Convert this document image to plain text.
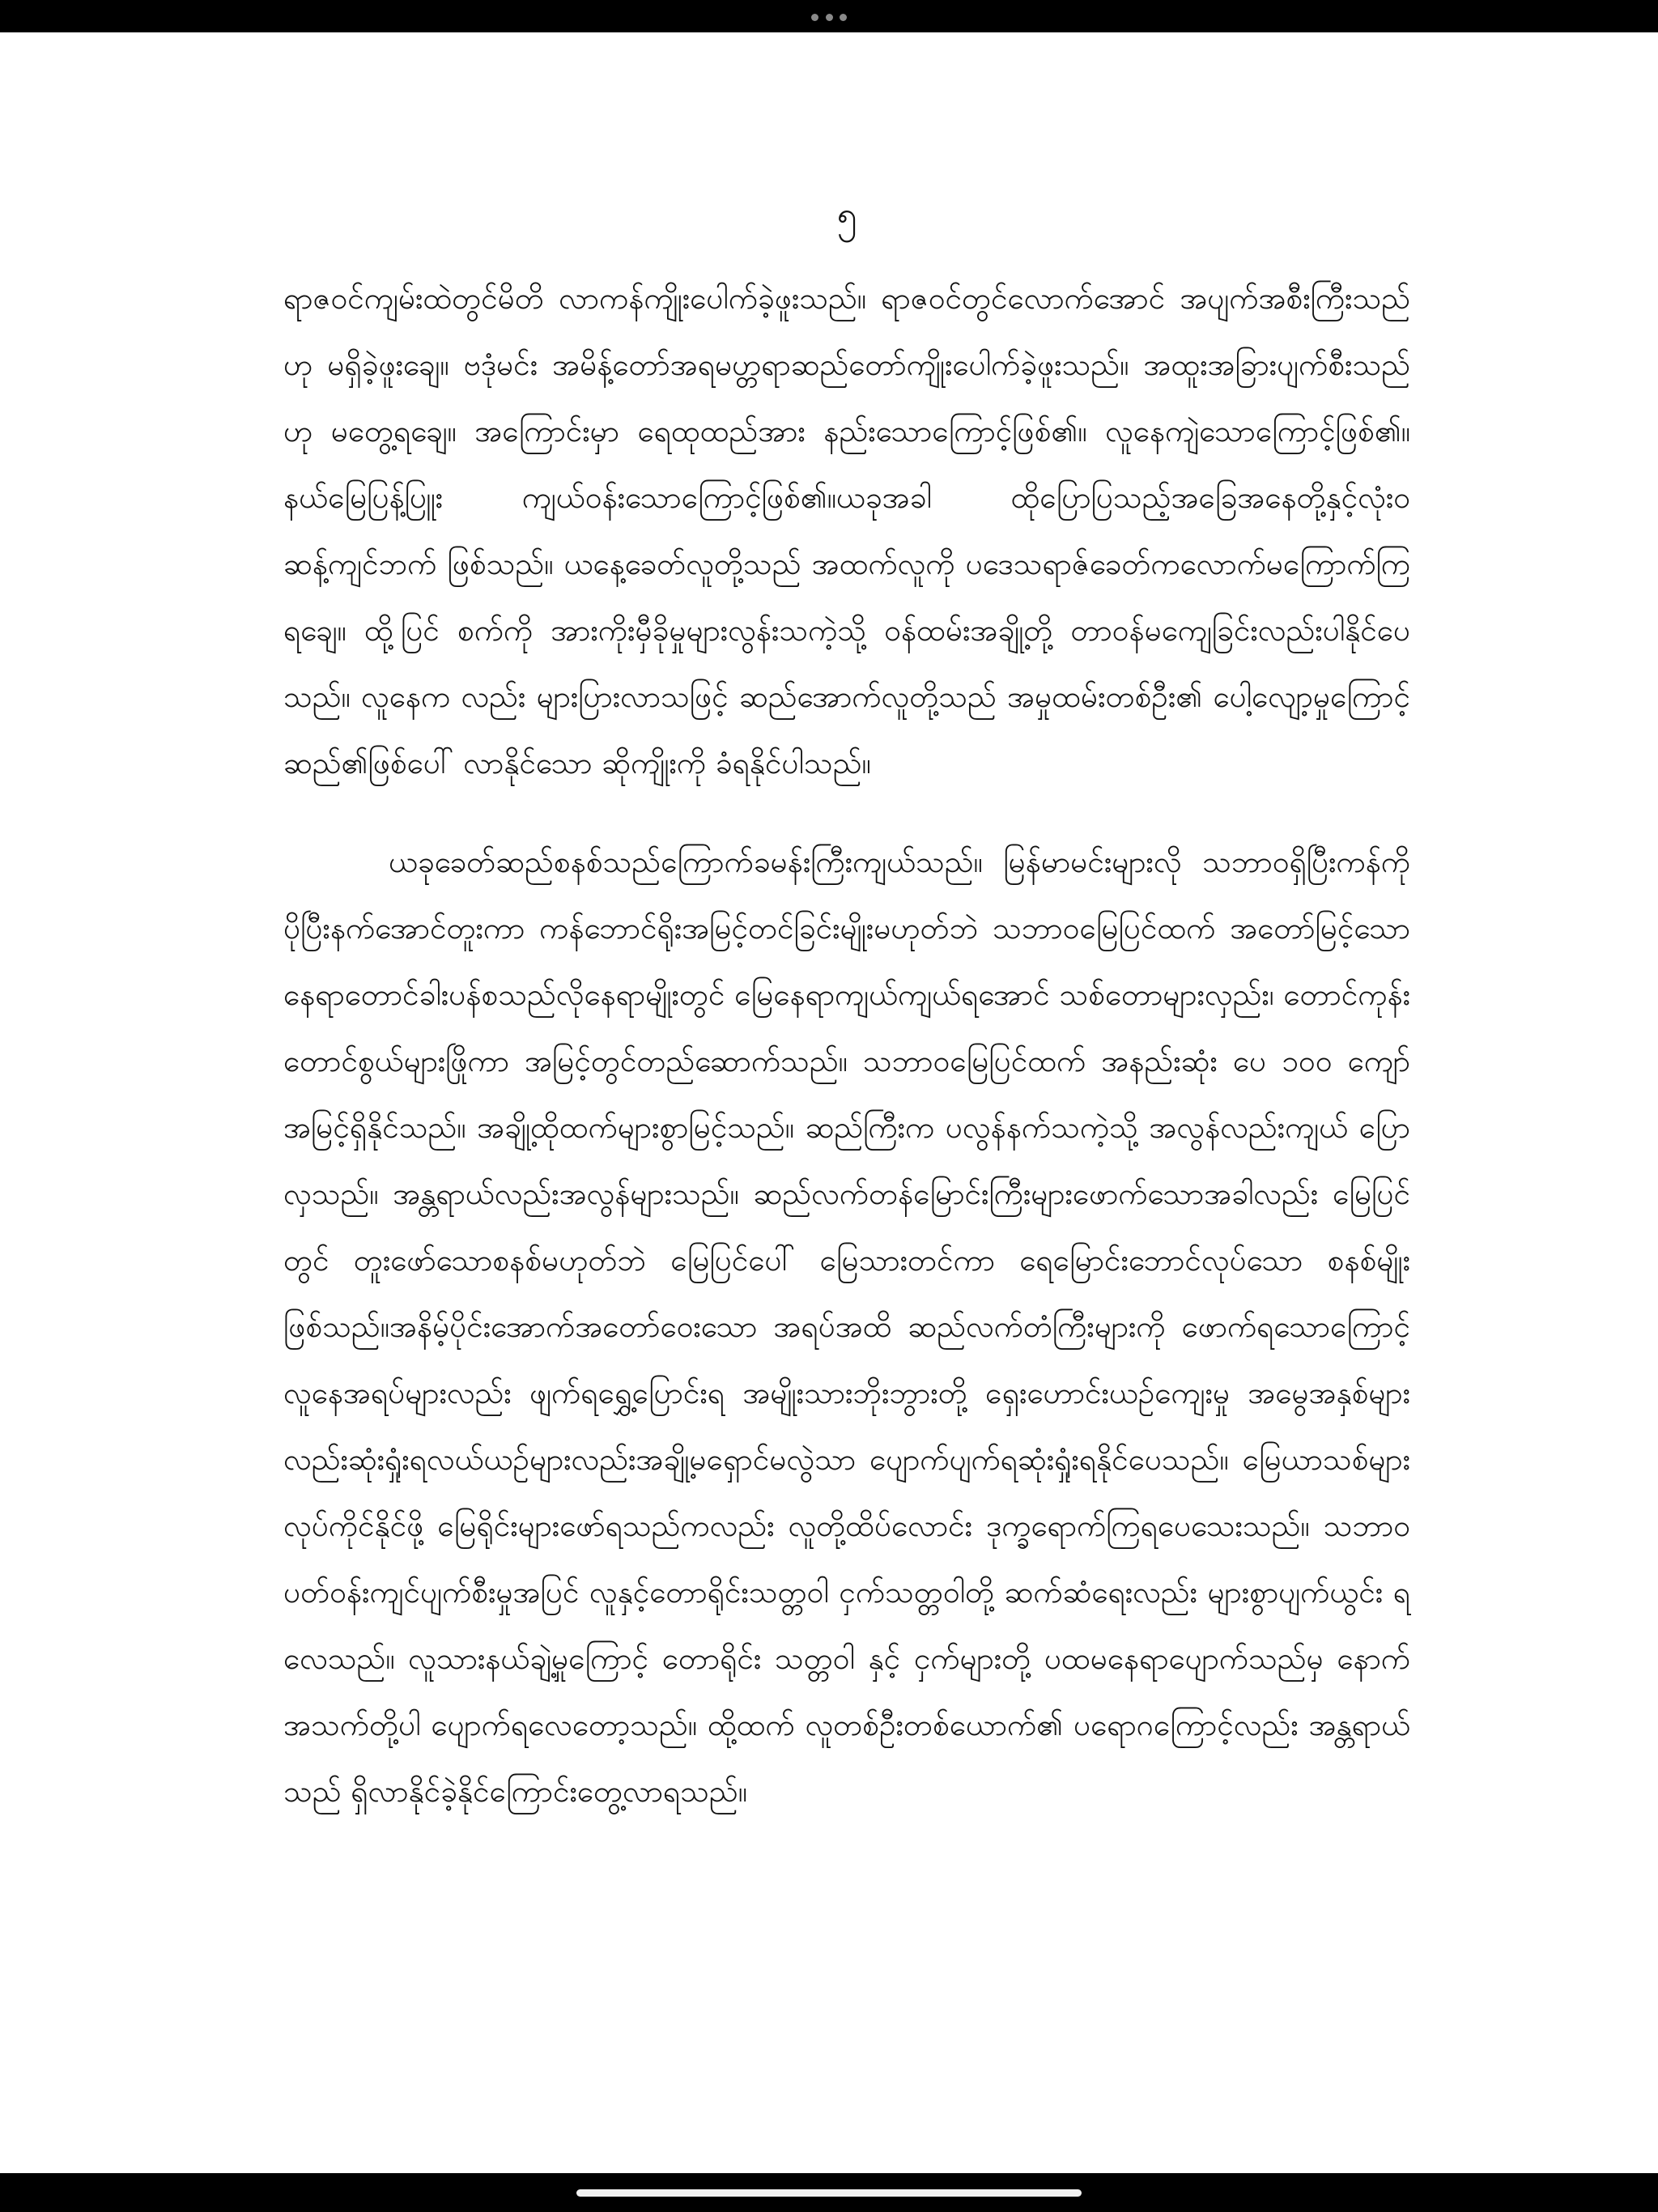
၅

ရာဇဝင်ကျမ်းထဲတွင်မိတိ လာကန်ကျိုးပေါက်ခဲ့ဖူးသည်။ ရာဇဝင်တွင်လောက်အောင် အပျက်အစီးကြီးသည်ဟု မရှိခဲ့ဖူးချေ။ ဗဒုံမင်း အမိန့်တော်အရမဟ္တရာဆည်တော်ကျိုးပေါက်ခဲ့ဖူးသည်။ အထူးအခြားပျက်စီးသည် ဟု မတွေ့ရချေ။ အကြောင်းမှာ ရေထုထည်အား နည်းသောကြောင့်ဖြစ်၏။ လူနေကျဲသောကြောင့်ဖြစ်၏။ နယ်မြေပြန့်ပြူး ကျယ်ဝန်းသောကြောင့်ဖြစ်၏။ယခုအခါ ထိုပြောပြသည့်အခြေအနေတို့နှင့်လုံးဝဆန့်ကျင်ဘက် ဖြစ်သည်။ ယနေ့ခေတ်လူတို့သည် အထက်လူကို ပဒေသရာဇ်ခေတ်ကလောက်မကြောက်ကြရချေ။ ထို့ပြင် စက်ကို အားကိုးမှီခိုမှုများလွန်းသကဲ့သို့ ဝန်ထမ်းအချို့တို့ တာဝန်မကျေခြင်းလည်းပါနိုင်ပေသည်။ လူနေက လည်း များပြားလာသဖြင့် ဆည်အောက်လူတို့သည် အမှုထမ်းတစ်ဦး၏ ပေါ့လျော့မှုကြောင့် ဆည်၏ဖြစ်ပေါ် လာနိုင်သော ဆိုကျိုးကို ခံရနိုင်ပါသည်။

ယခုခေတ်ဆည်စနစ်သည်ကြောက်ခမန်းကြီးကျယ်သည်။ မြန်မာမင်းများလို သဘာဝရှိပြီးကန်ကို ပိုပြီးနက်အောင်တူးကာ ကန်ဘောင်ရိုးအမြင့်တင်ခြင်းမျိုးမဟုတ်ဘဲ သဘာဝမြေပြင်ထက် အတော်မြင့်သော နေရာတောင်ခါးပန်စသည်လိုနေရာမျိုးတွင် မြေနေရာကျယ်ကျယ်ရအောင် သစ်တောများလှည်း၊ တောင်ကုန်း တောင်စွယ်များဖြိုကာ အမြင့်တွင်တည်ဆောက်သည်။ သဘာဝမြေပြင်ထက် အနည်းဆုံး ပေ ၁၀၀ ကျော် အမြင့်ရှိနိုင်သည်။ အချို့ထိုထက်များစွာမြင့်သည်။ ဆည်ကြီးက ပလွန်နက်သကဲ့သို့ အလွန်လည်းကျယ် ပြောလှသည်။ အန္တရာယ်လည်းအလွန်များသည်။ ဆည်လက်တန်မြောင်းကြီးများဖောက်သောအခါလည်း မြေပြင်တွင် တူးဖော်သောစနစ်မဟုတ်ဘဲ မြေပြင်ပေါ် မြေသားတင်ကာ ရေမြောင်းဘောင်လုပ်သော စနစ်မျိုး ဖြစ်သည်။အနိမ့်ပိုင်းအောက်အတော်ဝေးသော အရပ်အထိ ဆည်လက်တံကြီးများကို ဖောက်ရသောကြောင့် လူနေအရပ်များလည်း ဖျက်ရရွှေ့ပြောင်းရ အမျိုးသားဘိုးဘွားတို့ ရှေးဟောင်းယဉ်ကျေးမှု အမွေအနှစ်များ လည်းဆုံးရှုံးရလယ်ယဉ်များလည်းအချို့မရှောင်မလွဲသာ ပျောက်ပျက်ရဆုံးရှုံးရနိုင်ပေသည်။ မြေယာသစ်များ လုပ်ကိုင်နိုင်ဖို့ မြေရိုင်းများဖော်ရသည်ကလည်း လူတို့ထိပ်လောင်း ဒုက္ခရောက်ကြရပေသေးသည်။ သဘာဝ ပတ်ဝန်းကျင်ပျက်စီးမှုအပြင် လူနှင့်တောရိုင်းသတ္တဝါ ငှက်သတ္တဝါတို့ ဆက်ဆံရေးလည်း များစွာပျက်ယွင်း ရလေသည်။ လူသားနယ်ချဲ့မှုကြောင့် တောရိုင်း သတ္တဝါ နှင့် ငှက်များတို့ ပထမနေရာပျောက်သည်မှ နောက် အသက်တို့ပါ ပျောက်ရလေတော့သည်။ ထို့ထက် လူတစ်ဦးတစ်ယောက်၏ ပရောဂကြောင့်လည်း အန္တရာယ် သည် ရှိလာနိုင်ခဲ့နိုင်ကြောင်းတွေ့လာရသည်။
